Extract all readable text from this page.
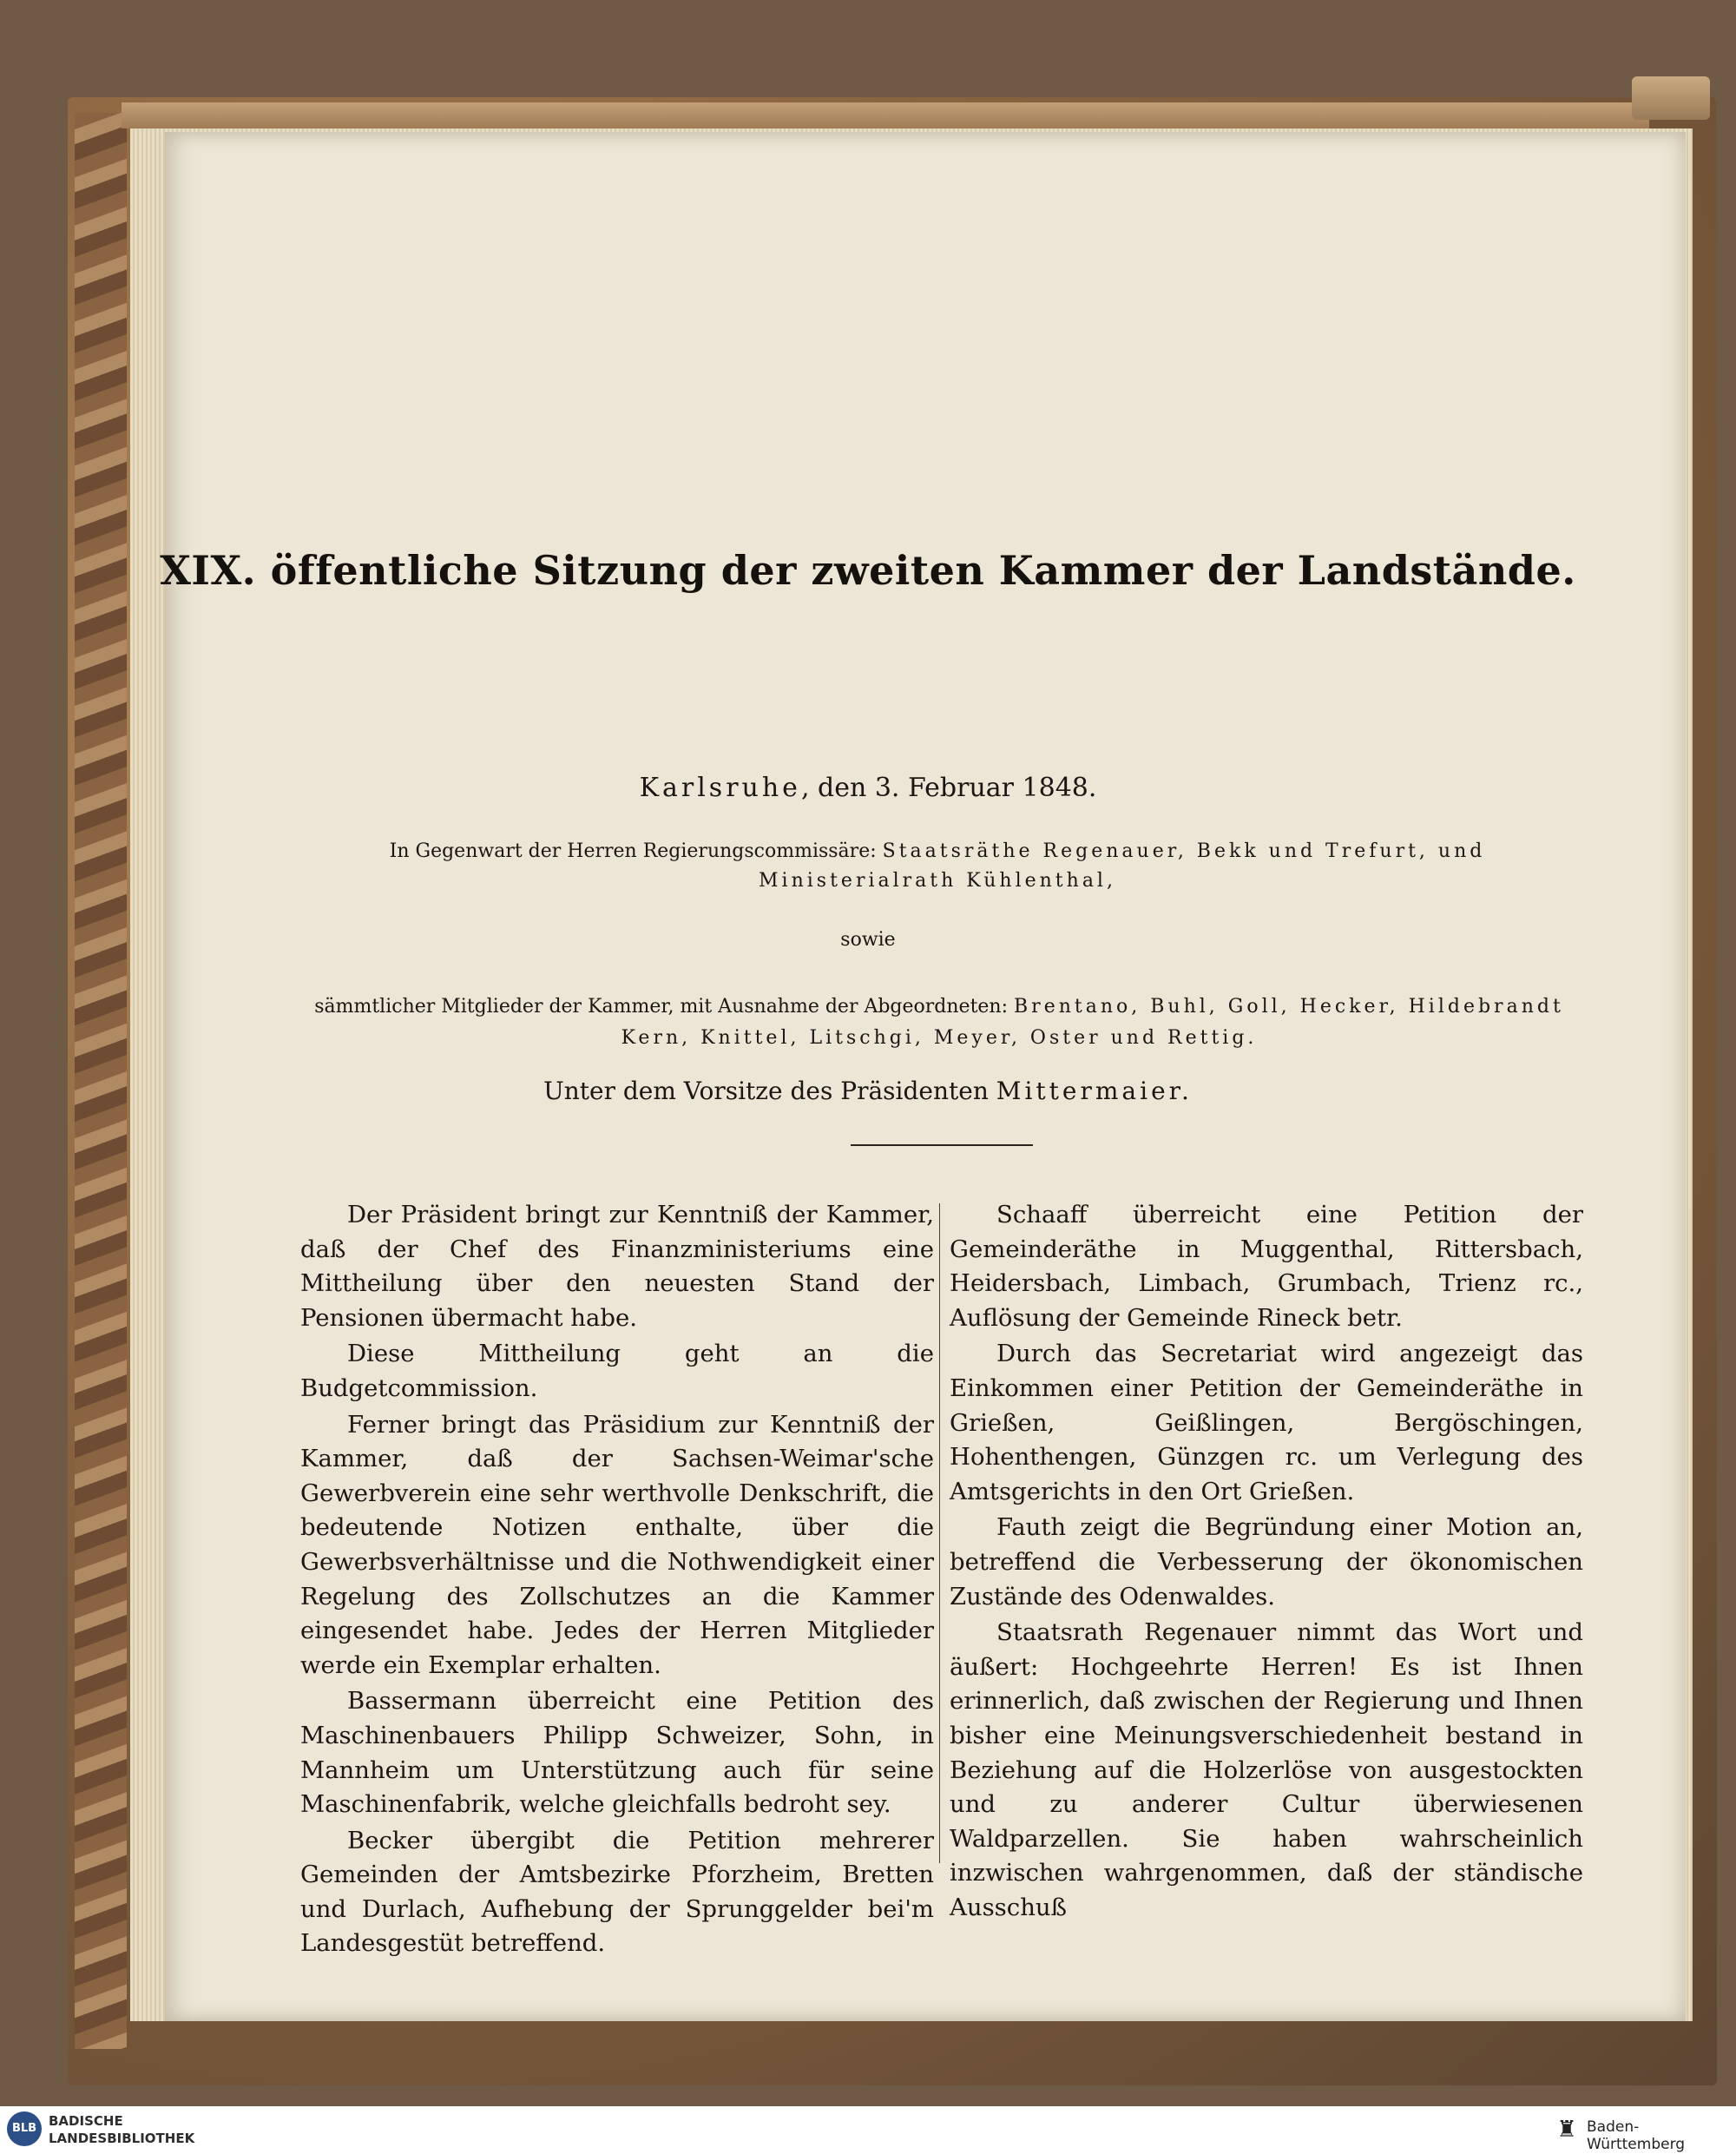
XIX. öffentliche Sitzung der zweiten Kammer der Landstände.
Karlsruhe, den 3. Februar 1848.
In Gegenwart der Herren Regierungscommissäre: Staatsräthe Regenauer, Bekk und Trefurt, und Ministerialrath Kühlenthal,
sowie
sämmtlicher Mitglieder der Kammer, mit Ausnahme der Abgeordneten: Brentano, Buhl, Goll, Hecker, Hildebrandt Kern, Knittel, Litschgi, Meyer, Oster und Rettig.
Unter dem Vorsitze des Präsidenten Mittermaier.

Der Präsident bringt zur Kenntniß der Kammer, daß der Chef des Finanzministeriums eine Mittheilung über den neuesten Stand der Pensionen übermacht habe.

Diese Mittheilung geht an die Budgetcommission.

Ferner bringt das Präsidium zur Kenntniß der Kammer, daß der Sachsen-Weimar'sche Gewerbverein eine sehr werthvolle Denkschrift, die bedeutende Notizen enthalte, über die Gewerbsverhältnisse und die Nothwendigkeit einer Regelung des Zollschutzes an die Kammer eingesendet habe. Jedes der Herren Mitglieder werde ein Exemplar erhalten.

Bassermann überreicht eine Petition des Maschinenbauers Philipp Schweizer, Sohn, in Mannheim um Unterstützung auch für seine Maschinenfabrik, welche gleichfalls bedroht sey.

Becker übergibt die Petition mehrerer Gemeinden der Amtsbezirke Pforzheim, Bretten und Durlach, Aufhebung der Sprunggelder bei'm Landesgestüt betreffend.

Schaaff überreicht eine Petition der Gemeinderäthe in Muggenthal, Rittersbach, Heidersbach, Limbach, Grumbach, Trienz rc., Auflösung der Gemeinde Rineck betr.

Durch das Secretariat wird angezeigt das Einkommen einer Petition der Gemeinderäthe in Grießen, Geißlingen, Bergöschingen, Hohenthengen, Günzgen rc. um Verlegung des Amtsgerichts in den Ort Grießen.

Fauth zeigt die Begründung einer Motion an, betreffend die Verbesserung der ökonomischen Zustände des Odenwaldes.

Staatsrath Regenauer nimmt das Wort und äußert: Hochgeehrte Herren! Es ist Ihnen erinnerlich, daß zwischen der Regierung und Ihnen bisher eine Meinungsverschiedenheit bestand in Beziehung auf die Holzerlöse von ausgestockten und zu anderer Cultur überwiesenen Waldparzellen. Sie haben wahrscheinlich inzwischen wahrgenommen, daß der ständische Ausschuß

BLB BADISCHE
LANDESBIBLIOTHEK	♜ Baden-Württemberg
